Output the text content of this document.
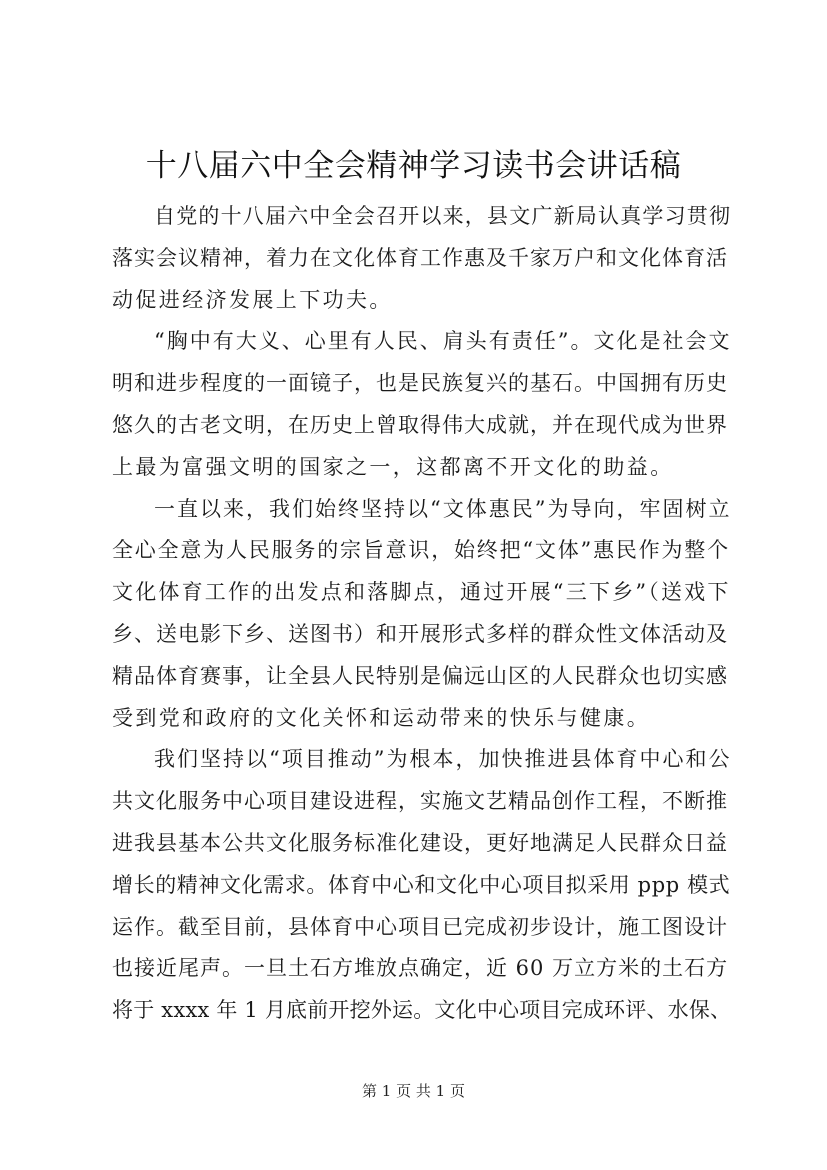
十八届六中全会精神学习读书会讲话稿
自党的十八届六中全会召开以来，县文广新局认真学习贯彻
落实会议精神，着力在文化体育工作惠及千家万户和文化体育活
动促进经济发展上下功夫。
“胸中有大义、心里有人民、肩头有责任”。文化是社会文
明和进步程度的一面镜子，也是民族复兴的基石。中国拥有历史
悠久的古老文明，在历史上曾取得伟大成就，并在现代成为世界
上最为富强文明的国家之一，这都离不开文化的助益。
一直以来，我们始终坚持以“文体惠民”为导向，牢固树立
全心全意为人民服务的宗旨意识，始终把“文体”惠民作为整个
文化体育工作的出发点和落脚点，通过开展“三下乡”（送戏下
乡、送电影下乡、送图书）和开展形式多样的群众性文体活动及
精品体育赛事，让全县人民特别是偏远山区的人民群众也切实感
受到党和政府的文化关怀和运动带来的快乐与健康。
我们坚持以“项目推动”为根本，加快推进县体育中心和公
共文化服务中心项目建设进程，实施文艺精品创作工程，不断推
进我县基本公共文化服务标准化建设，更好地满足人民群众日益
增长的精神文化需求。体育中心和文化中心项目拟采用 ppp 模式
运作。截至目前，县体育中心项目已完成初步设计，施工图设计
也接近尾声。一旦土石方堆放点确定，近 60 万立方米的土石方
将于 xxxx 年 1 月底前开挖外运。文化中心项目完成环评、水保、
第 1 页 共 1 页
